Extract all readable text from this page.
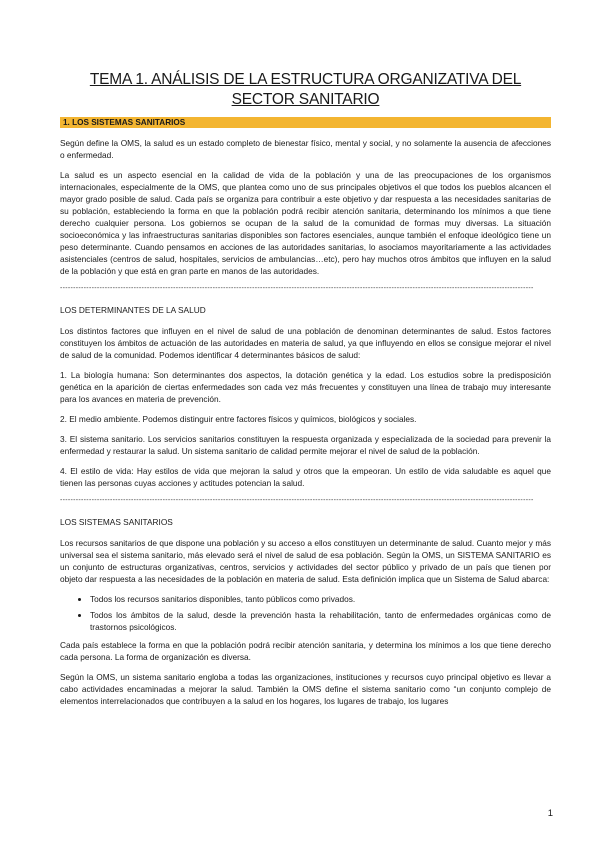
TEMA 1. ANÁLISIS DE LA ESTRUCTURA ORGANIZATIVA DEL SECTOR SANITARIO
1. LOS SISTEMAS SANITARIOS

Según define la OMS, la salud es un estado completo de bienestar físico, mental y social, y no solamente la ausencia de afecciones o enfermedad.

La salud es un aspecto esencial en la calidad de vida de la población y una de las preocupaciones de los organismos internacionales, especialmente de la OMS, que plantea como uno de sus principales objetivos el que todos los pueblos alcancen el mayor grado posible de salud. Cada país se organiza para contribuir a este objetivo y dar respuesta a las necesidades sanitarias de su población, estableciendo la forma en que la población podrá recibir atención sanitaria, determinando los mínimos a que tiene derecho cualquier persona. Los gobiernos se ocupan de la salud de la comunidad de formas muy diversas. La situación socioeconómica y las infraestructuras sanitarias disponibles son factores esenciales, aunque también el enfoque ideológico tiene un peso determinante. Cuando pensamos en acciones de las autoridades sanitarias, lo asociamos mayoritariamente a las actividades asistenciales (centros de salud, hospitales, servicios de ambulancias…etc), pero hay muchos otros ámbitos que influyen en la salud de la población y que está en gran parte en manos de las autoridades.

------------------------------------------------------------------------------------------------------------------------------------------------------------------------------------
LOS DETERMINANTES DE LA SALUD

Los distintos factores que influyen en el nivel de salud de una población de denominan determinantes de salud. Estos factores constituyen los ámbitos de actuación de las autoridades en materia de salud, ya que influyendo en ellos se consigue mejorar el nivel de salud de la comunidad. Podemos identificar 4 determinantes básicos de salud:

1. La biología humana: Son determinantes dos aspectos, la dotación genética y la edad. Los estudios sobre la predisposición genética en la aparición de ciertas enfermedades son cada vez más frecuentes y constituyen una línea de trabajo muy interesante para los avances en materia de prevención.

2. El medio ambiente. Podemos distinguir entre factores físicos y químicos, biológicos y sociales.

3. El sistema sanitario. Los servicios sanitarios constituyen la respuesta organizada y especializada de la sociedad para prevenir la enfermedad y restaurar la salud. Un sistema sanitario de calidad permite mejorar el nivel de salud de la población.

4. El estilo de vida: Hay estilos de vida que mejoran la salud y otros que la empeoran. Un estilo de vida saludable es aquel que tienen las personas cuyas acciones y actitudes potencian la salud.

------------------------------------------------------------------------------------------------------------------------------------------------------------------------------------
LOS SISTEMAS SANITARIOS

Los recursos sanitarios de que dispone una población y su acceso a ellos constituyen un determinante de salud. Cuanto mejor y más universal sea el sistema sanitario, más elevado será el nivel de salud de esa población. Según la OMS, un SISTEMA SANITARIO es un conjunto de estructuras organizativas, centros, servicios y actividades del sector público y privado de un país que tienen por objeto dar respuesta a las necesidades de la población en materia de salud. Esta definición implica que un Sistema de Salud abarca:

• Todos los recursos sanitarios disponibles, tanto públicos como privados.
• Todos los ámbitos de la salud, desde la prevención hasta la rehabilitación, tanto de enfermedades orgánicas como de trastornos psicológicos.

Cada país establece la forma en que la población podrá recibir atención sanitaria, y determina los mínimos a los que tiene derecho cada persona. La forma de organización es diversa.

Según la OMS, un sistema sanitario engloba a todas las organizaciones, instituciones y recursos cuyo principal objetivo es llevar a cabo actividades encaminadas a mejorar la salud. También la OMS define el sistema sanitario como “un conjunto complejo de elementos interrelacionados que contribuyen a la salud en los hogares, los lugares de trabajo, los lugares

1
